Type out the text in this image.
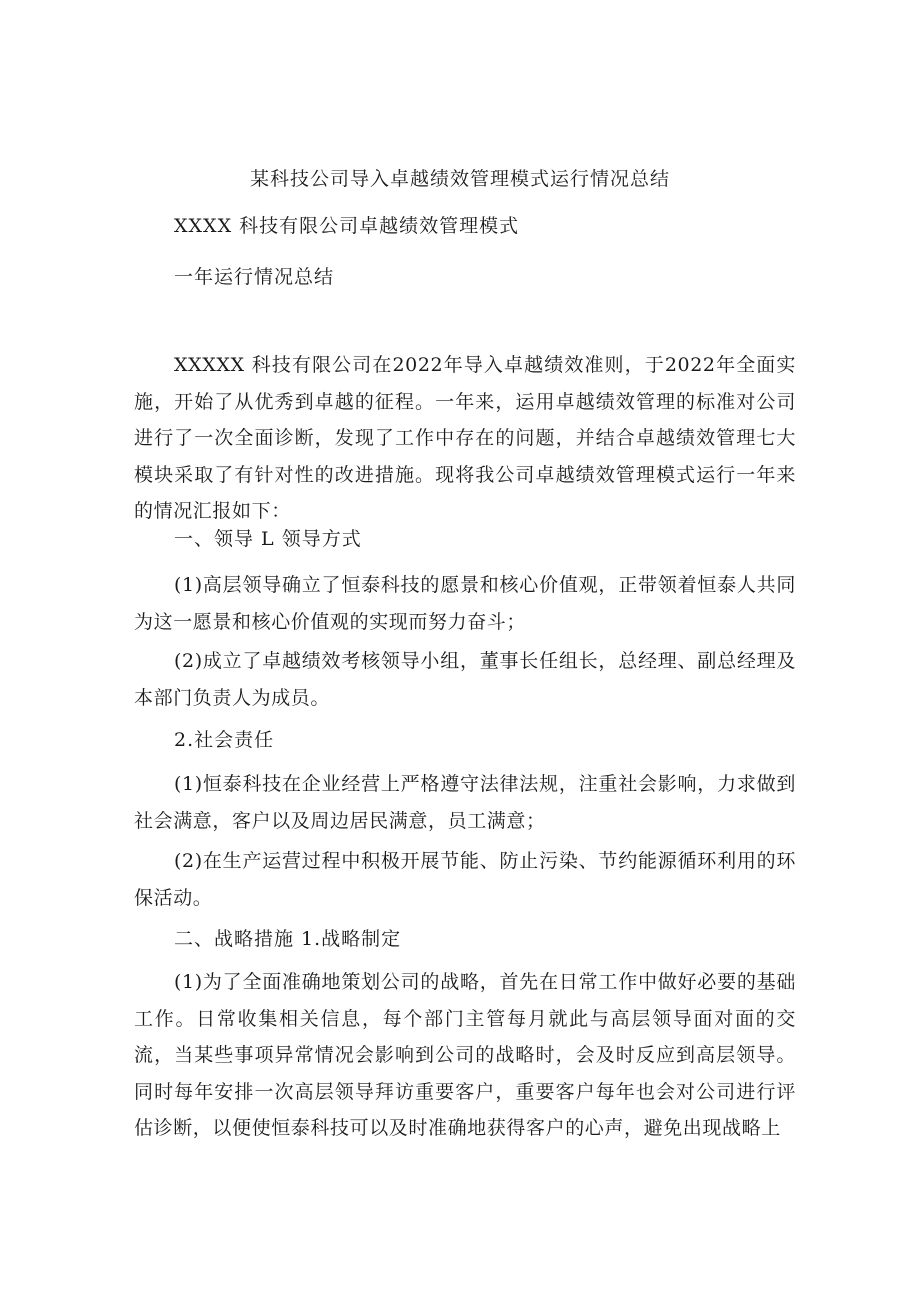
某科技公司导入卓越绩效管理模式运行情况总结
XXXX 科技有限公司卓越绩效管理模式
一年运行情况总结
XXXXX 科技有限公司在2022年导入卓越绩效准则，于2022年全面实施，开始了从优秀到卓越的征程。一年来，运用卓越绩效管理的标准对公司进行了一次全面诊断，发现了工作中存在的问题，并结合卓越绩效管理七大模块采取了有针对性的改进措施。现将我公司卓越绩效管理模式运行一年来的情况汇报如下：
一、领导 L 领导方式
(1)高层领导确立了恒泰科技的愿景和核心价值观，正带领着恒泰人共同为这一愿景和核心价值观的实现而努力奋斗；
(2)成立了卓越绩效考核领导小组，董事长任组长，总经理、副总经理及本部门负责人为成员。
2.社会责任
(1)恒泰科技在企业经营上严格遵守法律法规，注重社会影响，力求做到社会满意，客户以及周边居民满意，员工满意；
(2)在生产运营过程中积极开展节能、防止污染、节约能源循环利用的环保活动。
二、战略措施 1.战略制定
(1)为了全面准确地策划公司的战略，首先在日常工作中做好必要的基础工作。日常收集相关信息，每个部门主管每月就此与高层领导面对面的交流，当某些事项异常情况会影响到公司的战略时，会及时反应到高层领导。同时每年安排一次高层领导拜访重要客户，重要客户每年也会对公司进行评估诊断，以便使恒泰科技可以及时准确地获得客户的心声，避免出现战略上
